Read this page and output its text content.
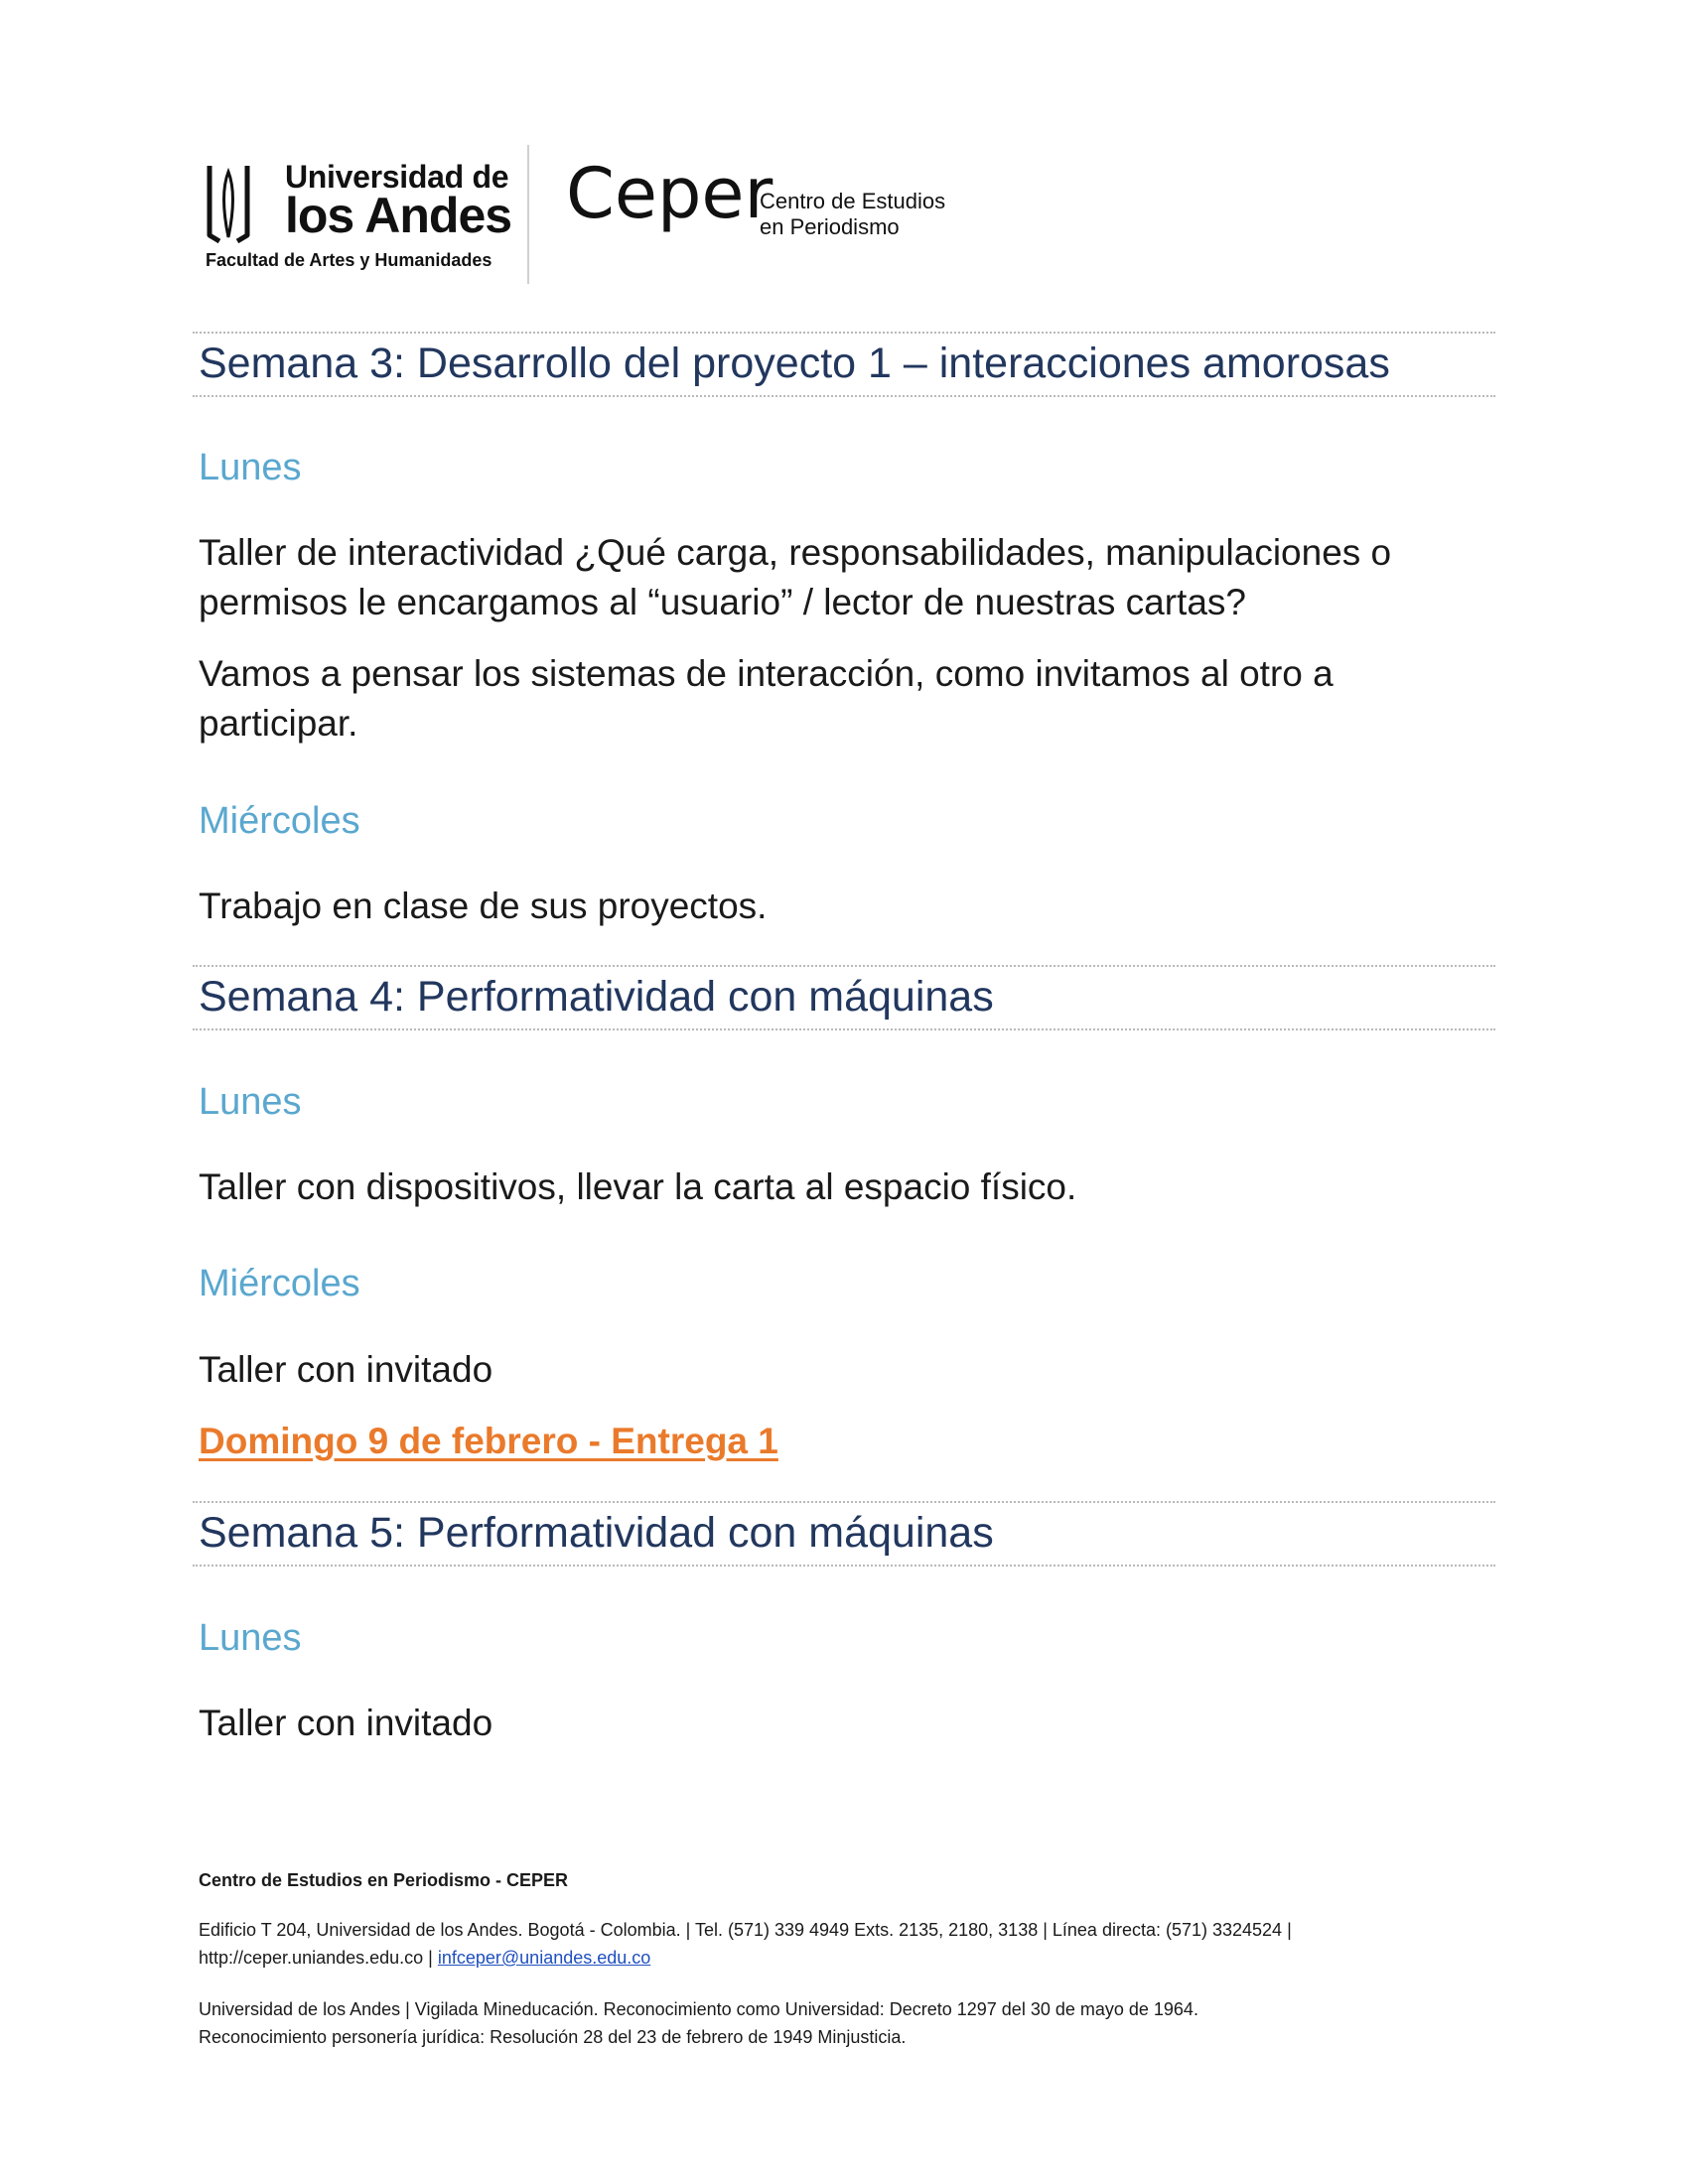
Universidad de
los Andes
Facultad de Artes y Humanidades
Ceper
Centro de Estudios
en Periodismo
Semana 3: Desarrollo del proyecto 1 – interacciones amorosas
Lunes

Taller de interactividad ¿Qué carga, responsabilidades, manipulaciones o permisos le encargamos al “usuario” / lector de nuestras cartas?

Vamos a pensar los sistemas de interacción, como invitamos al otro a participar.

Miércoles

Trabajo en clase de sus proyectos.

Semana 4: Performatividad con máquinas
Lunes

Taller con dispositivos, llevar la carta al espacio físico.

Miércoles

Taller con invitado

Domingo 9 de febrero - Entrega 1

Semana 5: Performatividad con máquinas
Lunes

Taller con invitado

Centro de Estudios en Periodismo - CEPER
Edificio T 204, Universidad de los Andes. Bogotá - Colombia. | Tel. (571) 339 4949 Exts. 2135, 2180, 3138 | Línea directa: (571) 3324524 | http://ceper.uniandes.edu.co | infceper@uniandes.edu.co
Universidad de los Andes | Vigilada Mineducación. Reconocimiento como Universidad: Decreto 1297 del 30 de mayo de 1964.
Reconocimiento personería jurídica: Resolución 28 del 23 de febrero de 1949 Minjusticia.
